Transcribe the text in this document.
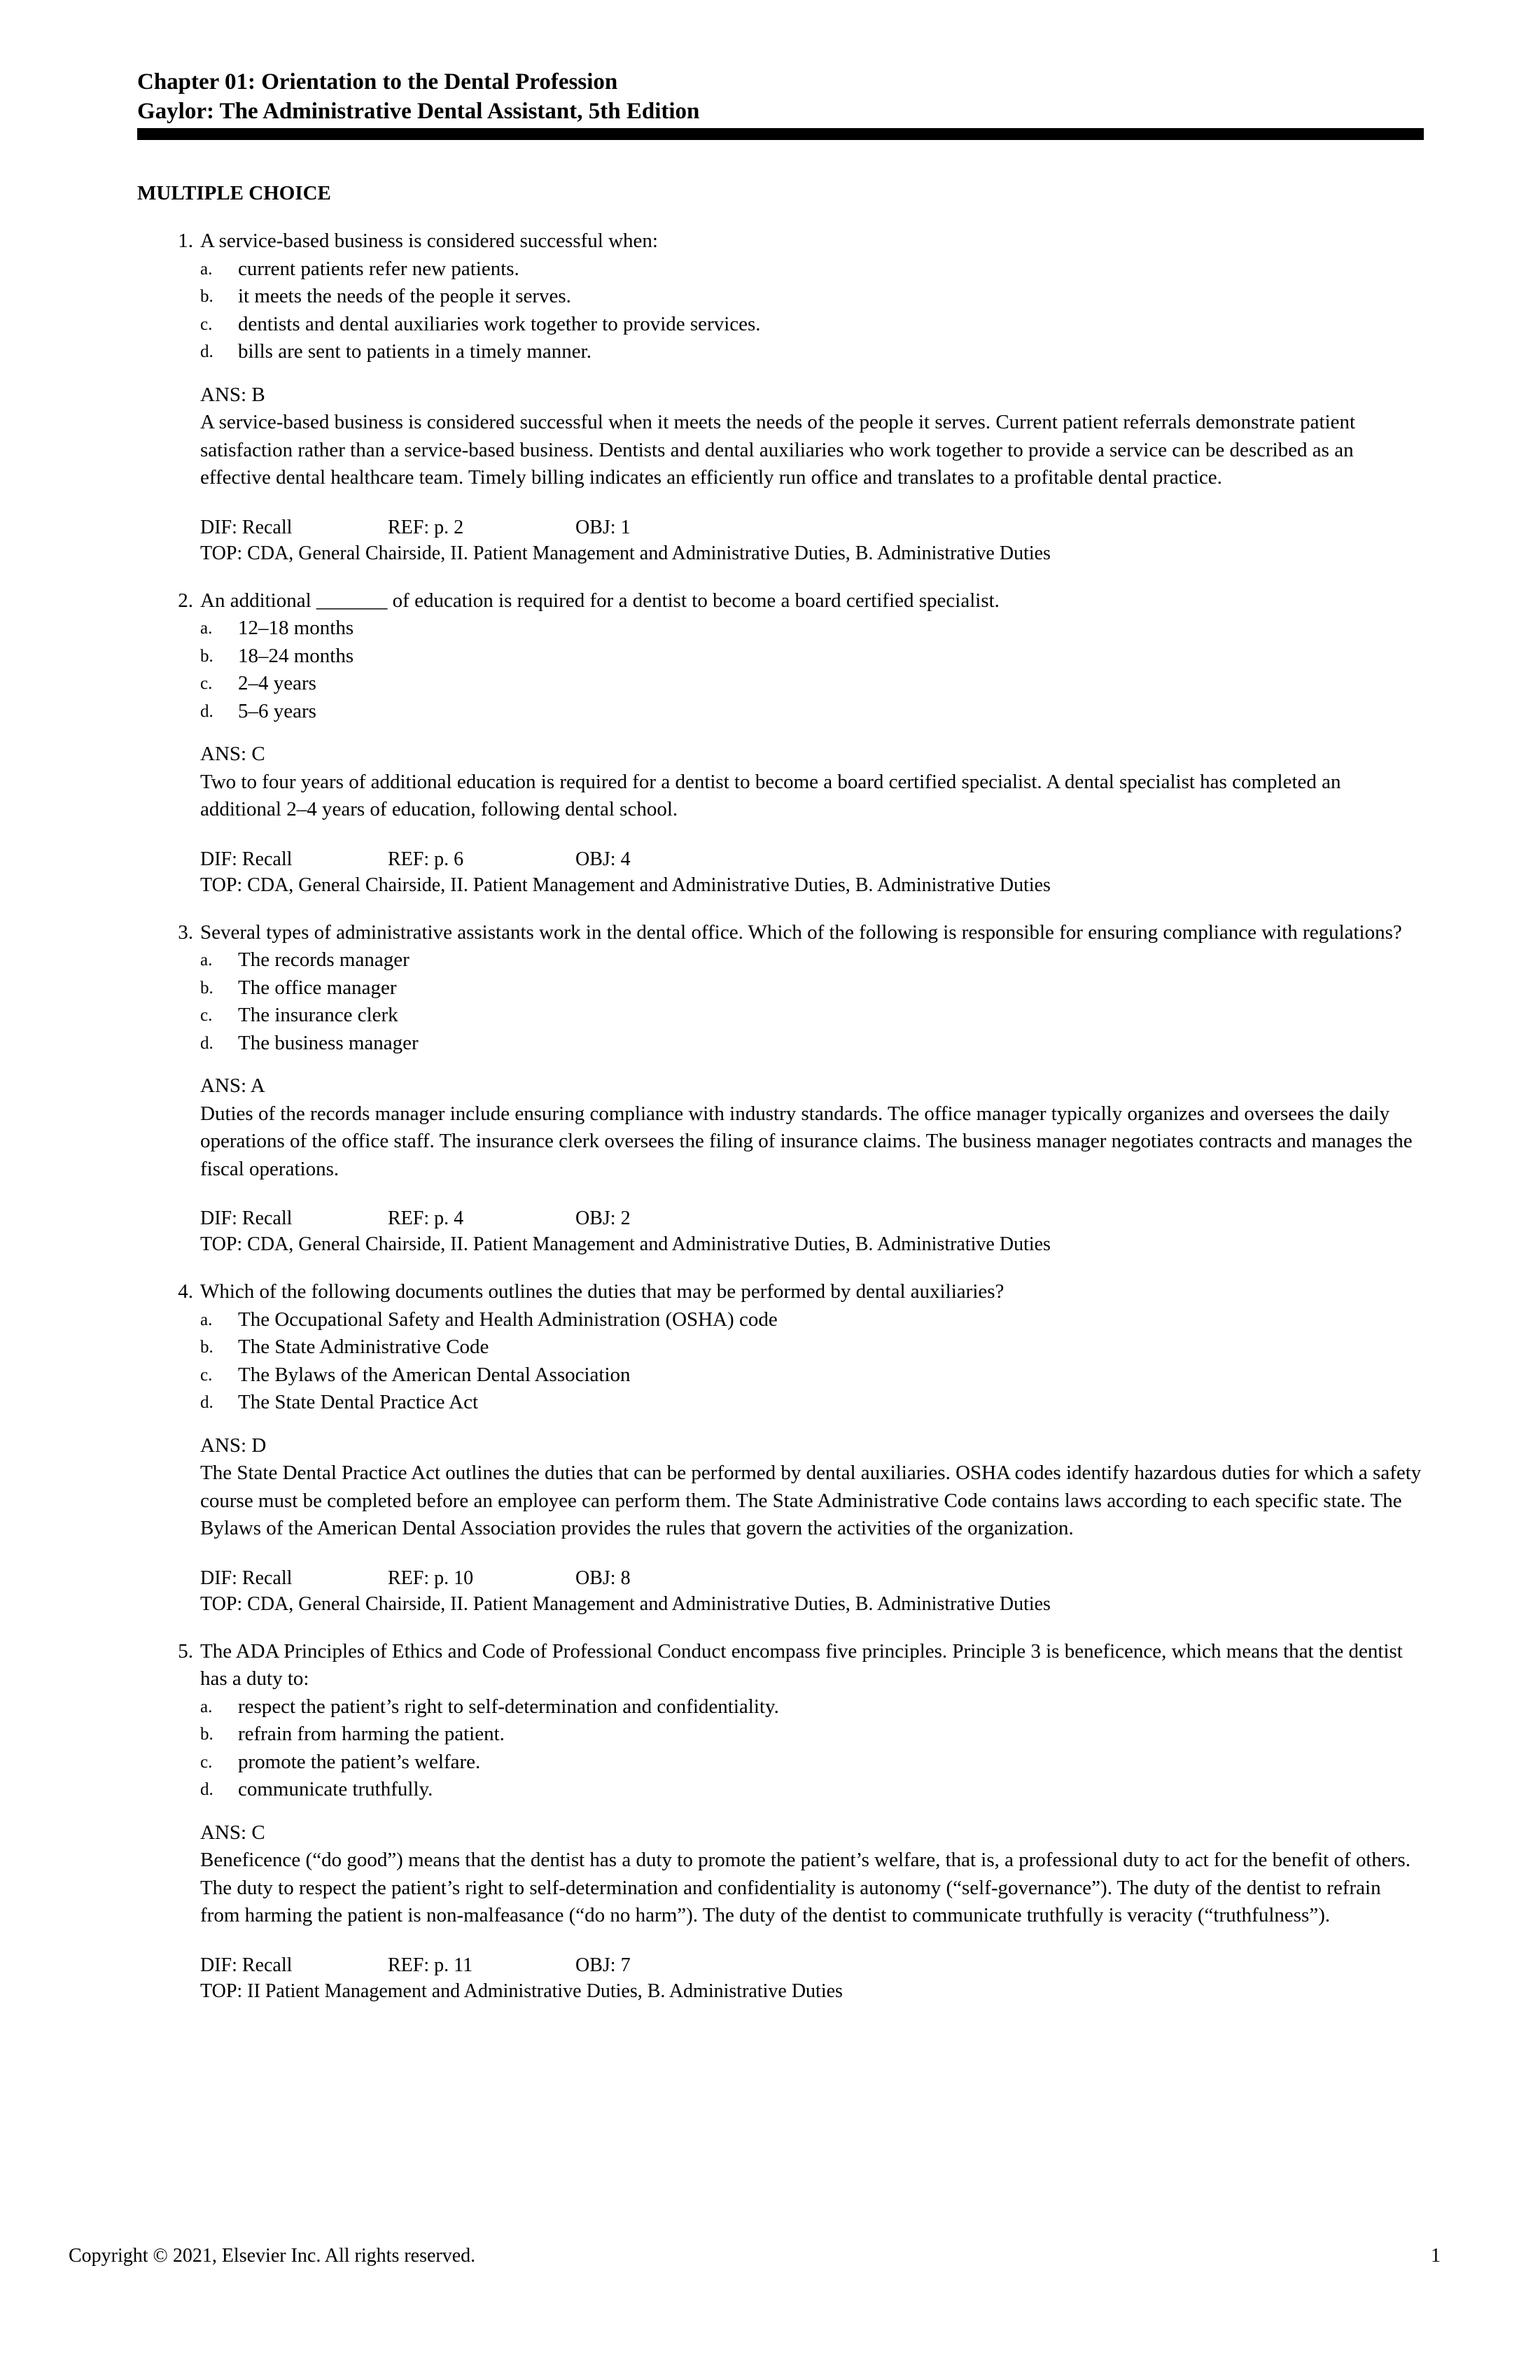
Chapter 01: Orientation to the Dental Profession
Gaylor: The Administrative Dental Assistant, 5th Edition
MULTIPLE CHOICE
1. A service-based business is considered successful when:

a. current patients refer new patients.
b. it meets the needs of the people it serves.
c. dentists and dental auxiliaries work together to provide services.
d. bills are sent to patients in a timely manner.
ANS: B

A service-based business is considered successful when it meets the needs of the people it serves. Current patient referrals demonstrate patient satisfaction rather than a service-based business. Dentists and dental auxiliaries who work together to provide a service can be described as an effective dental healthcare team. Timely billing indicates an efficiently run office and translates to a profitable dental practice.

DIF: Recall	REF: p. 2	OBJ: 1
TOP: CDA, General Chairside, II. Patient Management and Administrative Duties, B. Administrative Duties
2. An additional _______ of education is required for a dentist to become a board certified specialist.

a. 12–18 months
b. 18–24 months
c. 2–4 years
d. 5–6 years
ANS: C

Two to four years of additional education is required for a dentist to become a board certified specialist. A dental specialist has completed an additional 2–4 years of education, following dental school.

DIF: Recall	REF: p. 6	OBJ: 4
TOP: CDA, General Chairside, II. Patient Management and Administrative Duties, B. Administrative Duties
3. Several types of administrative assistants work in the dental office. Which of the following is responsible for ensuring compliance with regulations?

a. The records manager
b. The office manager
c. The insurance clerk
d. The business manager
ANS: A

Duties of the records manager include ensuring compliance with industry standards. The office manager typically organizes and oversees the daily operations of the office staff. The insurance clerk oversees the filing of insurance claims. The business manager negotiates contracts and manages the fiscal operations.

DIF: Recall	REF: p. 4	OBJ: 2
TOP: CDA, General Chairside, II. Patient Management and Administrative Duties, B. Administrative Duties
4. Which of the following documents outlines the duties that may be performed by dental auxiliaries?

a. The Occupational Safety and Health Administration (OSHA) code
b. The State Administrative Code
c. The Bylaws of the American Dental Association
d. The State Dental Practice Act
ANS: D

The State Dental Practice Act outlines the duties that can be performed by dental auxiliaries. OSHA codes identify hazardous duties for which a safety course must be completed before an employee can perform them. The State Administrative Code contains laws according to each specific state. The Bylaws of the American Dental Association provides the rules that govern the activities of the organization.

DIF: Recall	REF: p. 10	OBJ: 8
TOP: CDA, General Chairside, II. Patient Management and Administrative Duties, B. Administrative Duties
5. The ADA Principles of Ethics and Code of Professional Conduct encompass five principles. Principle 3 is beneficence, which means that the dentist has a duty to:

a. respect the patient’s right to self-determination and confidentiality.
b. refrain from harming the patient.
c. promote the patient’s welfare.
d. communicate truthfully.
ANS: C

Beneficence (“do good”) means that the dentist has a duty to promote the patient’s welfare, that is, a professional duty to act for the benefit of others. The duty to respect the patient’s right to self-determination and confidentiality is autonomy (“self-governance”). The duty of the dentist to refrain from harming the patient is non-malfeasance (“do no harm”). The duty of the dentist to communicate truthfully is veracity (“truthfulness”).

DIF: Recall	REF: p. 11	OBJ: 7
TOP: II Patient Management and Administrative Duties, B. Administrative Duties
Copyright © 2021, Elsevier Inc. All rights reserved.	1
